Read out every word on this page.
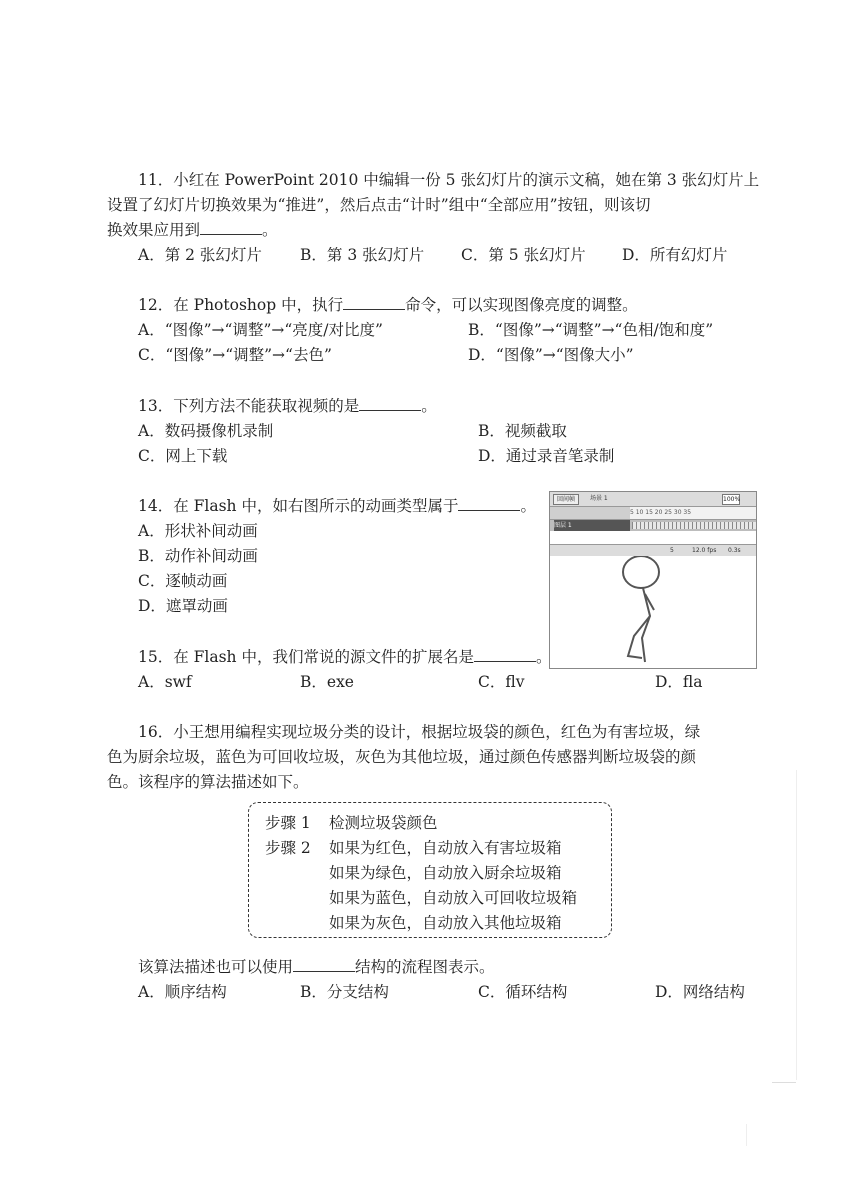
11．小红在 PowerPoint 2010 中编辑一份 5 张幻灯片的演示文稿，她在第 3 张幻灯片上
设置了幻灯片切换效果为“推进”，然后点击“计时”组中“全部应用”按钮，则该切
换效果应用到	。
A．第 2 张幻灯片 B．第 3 张幻灯片 C．第 5 张幻灯片 D．所有幻灯片
12．在 Photoshop 中，执行	命令，可以实现图像亮度的调整。
A．“图像”→“调整”→“亮度/对比度”	B．“图像”→“调整”→“色相/饱和度”
C．“图像”→“调整”→“去色”	D．“图像”→“图像大小”
13．下列方法不能获取视频的是	。
A．数码摄像机录制	B．视频截取
C．网上下载	D．通过录音笔录制
14．在 Flash 中，如右图所示的动画类型属于	。
A．形状补间动画
B．动作补间动画
C．逐帧动画
D．遮罩动画
回间帧	场景 1	100%
5 10 15 20 25 30 35
图层 1
5	12.0 fps 0.3s
15．在 Flash 中，我们常说的源文件的扩展名是	。
A．swf	B．exe	C．flv	D．fla
16．小王想用编程实现垃圾分类的设计，根据垃圾袋的颜色，红色为有害垃圾，绿
色为厨余垃圾，蓝色为可回收垃圾，灰色为其他垃圾，通过颜色传感器判断垃圾袋的颜
色。该程序的算法描述如下。
步骤 1 检测垃圾袋颜色
步骤 2 如果为红色，自动放入有害垃圾箱
如果为绿色，自动放入厨余垃圾箱
如果为蓝色，自动放入可回收垃圾箱
如果为灰色，自动放入其他垃圾箱
该算法描述也可以使用	结构的流程图表示。
A．顺序结构	B．分支结构	C．循环结构	D．网络结构
